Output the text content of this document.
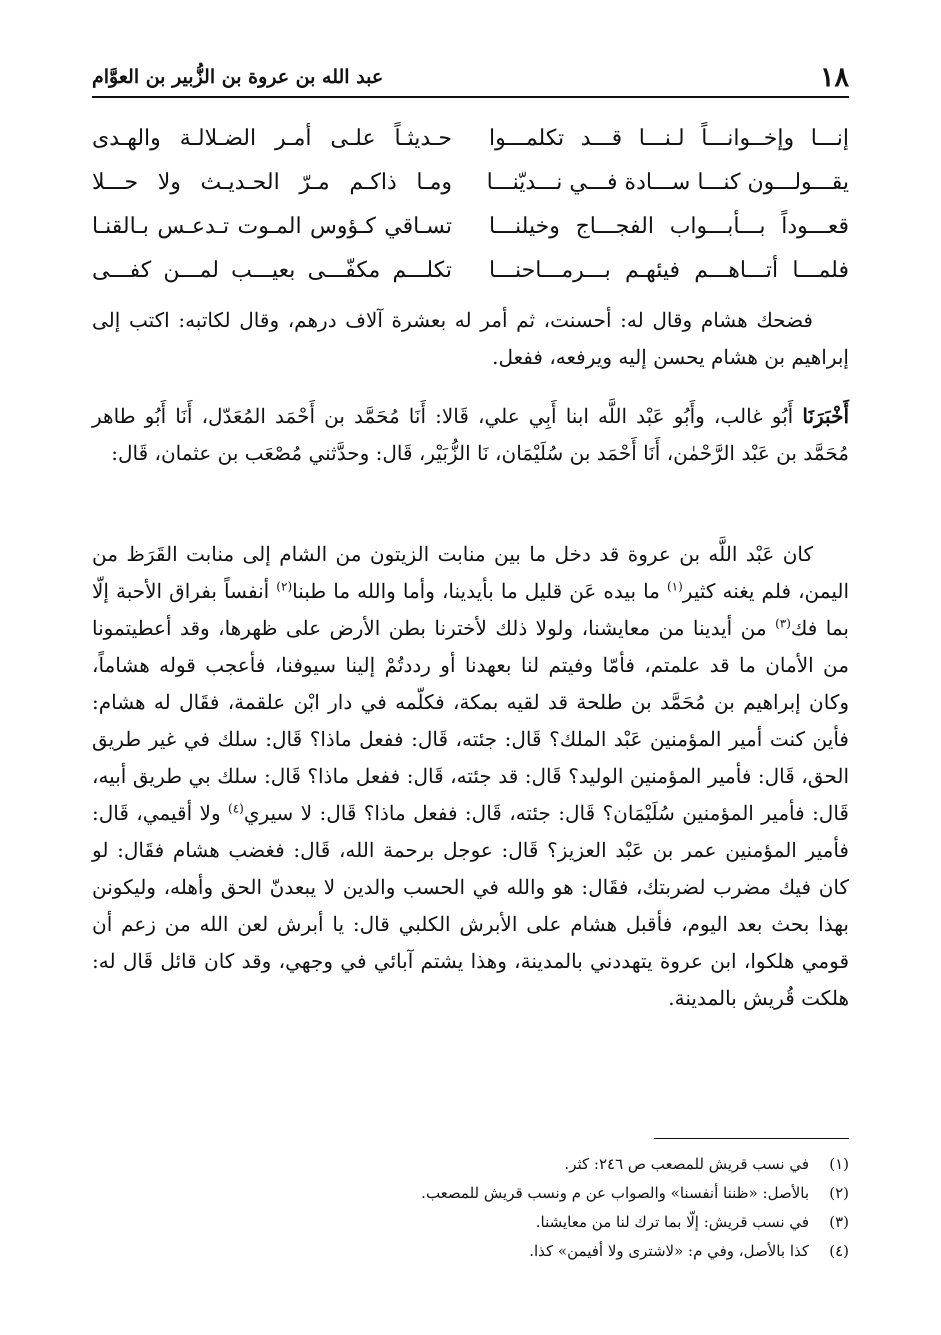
١٨
عبد الله بن عروة بن الزُّبير بن العوَّام
إنـــا وإخــوانـــاً لـنـــا قـــد تكلمـــوا
حـديثـاً علـى أمـر الضـلالـة والهـدى
يقـــولـــون كنـــا ســـادة فـــي نـــديّنـــا
ومـا ذاكـم مـرّ الحـديـث ولا حـــلا
قعـــوداً بـــأبـــواب الفجـــاج وخيلنـــا
تسـاقي كـؤوس المـوت تـدعـس بـالقنـا
فلمـــا أتـــاهـــم فيئهـم بـــرمـــاحنـــا
تكلـــم مكفّـــى بعيـــب لمـــن كفـــى

فضحك هشام وقال له: أحسنت، ثم أمر له بعشرة آلاف درهم، وقال لكاتبه: اكتب إلى إبراهيم بن هشام يحسن إليه ويرفعه، ففعل.

أَخْبَرَنَا أَبُو غالب، وأَبُو عَبْد اللَّه ابنا أَبِي علي، قَالا: أَنَا مُحَمَّد بن أَحْمَد المُعَدّل، أَنَا أَبُو طاهر مُحَمَّد بن عَبْد الرَّحْمٰن، أَنَا أَحْمَد بن سُلَيْمَان، نَا الزُّبَيْر، قَال: وحدَّثني مُصْعَب بن عثمان، قَال:

كان عَبْد اللَّه بن عروة قد دخل ما بين منابت الزيتون من الشام إلى منابت القَرَظ من اليمن، فلم يغنه كثير$^{(١)}$ ما بيده عَن قليل ما بأيدينا، وأما والله ما طبنا$^{(٢)}$ أنفساً بفراق الأحبة إلّا بما فك$^{(٣)}$ من أيدينا من معايشنا، ولولا ذلك لأخترنا بطن الأرض على ظهرها، وقد أعطيتمونا من الأمان ما قد علمتم، فأمّا وفيتم لنا بعهدنا أو رددتُمْ إلينا سيوفنا، فأعجب قوله هشاماً، وكان إبراهيم بن مُحَمَّد بن طلحة قد لقيه بمكة، فكلّمه في دار ابْن علقمة، فقَال له هشام: فأين كنت أمير المؤمنين عَبْد الملك؟ قَال: جئته، قَال: ففعل ماذا؟ قَال: سلك في غير طريق الحق، قَال: فأمير المؤمنين الوليد؟ قَال: قد جئته، قَال: ففعل ماذا؟ قَال: سلك بي طريق أبيه، قَال: فأمير المؤمنين سُلَيْمَان؟ قَال: جئته، قَال: ففعل ماذا؟ قَال: لا سيري$^{(٤)}$ ولا أقيمي، قَال: فأمير المؤمنين عمر بن عَبْد العزيز؟ قَال: عوجل برحمة الله، قَال: فغضب هشام فقَال: لو كان فيك مضرب لضربتك، فقَال: هو والله في الحسب والدين لا يبعدنّ الحق وأهله، وليكونن بهذا بحث بعد اليوم، فأقبل هشام على الأبرش الكلبي قال: يا أبرش لعن الله من زعم أن قومي هلكوا، ابن عروة يتهددني بالمدينة، وهذا يشتم آبائي في وجهي، وقد كان قائل قَال له: هلكت قُريش بالمدينة.

(١)في نسب قريش للمصعب ص ٢٤٦: كثر.
(٢)بالأصل: «ظننا أنفسنا» والصواب عن م ونسب قريش للمصعب.
(٣)في نسب قريش: إلّا بما ترك لنا من معايشنا.
(٤)كذا بالأصل، وفي م: «لاشترى ولا أفيمن» كذا.
